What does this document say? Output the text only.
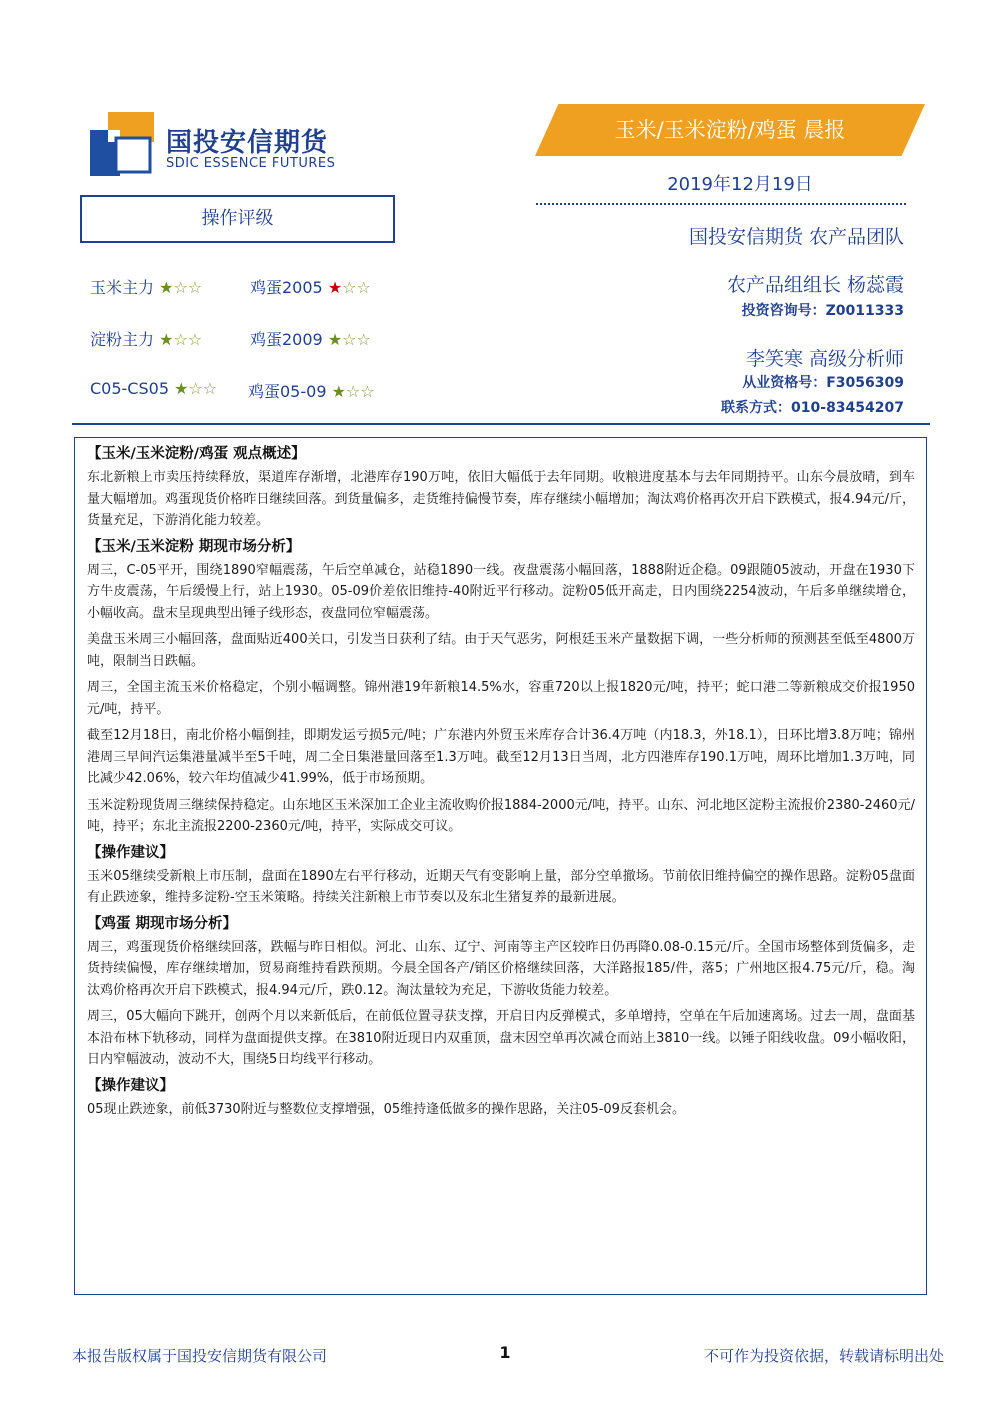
国投安信期货
SDIC ESSENCE FUTURES
玉米/玉米淀粉/鸡蛋 晨报
2019年12月19日
国投安信期货 农产品团队
农产品组组长 杨蕊霞
投资咨询号：Z0011333
李笑寒 高级分析师
从业资格号：F3056309
联系方式：010-83454207
操作评级
玉米主力 ★☆☆	鸡蛋2005 ★☆☆
淀粉主力 ★☆☆	鸡蛋2009 ★☆☆
C05-CS05 ★☆☆ 鸡蛋05-09 ★☆☆
【玉米/玉米淀粉/鸡蛋 观点概述】

东北新粮上市卖压持续释放，渠道库存渐增，北港库存190万吨，依旧大幅低于去年同期。收粮进度基本与去年同期持平。山东今晨放晴，到车量大幅增加。鸡蛋现货价格昨日继续回落。到货量偏多，走货维持偏慢节奏，库存继续小幅增加；淘汰鸡价格再次开启下跌模式，报4.94元/斤，货量充足，下游消化能力较差。

【玉米/玉米淀粉 期现市场分析】

周三，C-05平开，围绕1890窄幅震荡，午后空单减仓，站稳1890一线。夜盘震荡小幅回落，1888附近企稳。09跟随05波动，开盘在1930下方牛皮震荡，午后缓慢上行，站上1930。05-09价差依旧维持-40附近平行移动。淀粉05低开高走，日内围绕2254波动，午后多单继续增仓，小幅收高。盘末呈现典型出锤子线形态，夜盘同位窄幅震荡。

美盘玉米周三小幅回落，盘面贴近400关口，引发当日获利了结。由于天气恶劣，阿根廷玉米产量数据下调，一些分析师的预测甚至低至4800万吨，限制当日跌幅。

周三，全国主流玉米价格稳定，个别小幅调整。锦州港19年新粮14.5%水，容重720以上报1820元/吨，持平；蛇口港二等新粮成交价报1950元/吨，持平。

截至12月18日，南北价格小幅倒挂，即期发运亏损5元/吨；广东港内外贸玉米库存合计36.4万吨（内18.3，外18.1），日环比增3.8万吨；锦州港周三早间汽运集港量减半至5千吨，周二全日集港量回落至1.3万吨。截至12月13日当周，北方四港库存190.1万吨，周环比增加1.3万吨，同比减少42.06%，较六年均值减少41.99%，低于市场预期。

玉米淀粉现货周三继续保持稳定。山东地区玉米深加工企业主流收购价报1884-2000元/吨，持平。山东、河北地区淀粉主流报价2380-2460元/吨，持平；东北主流报2200-2360元/吨，持平，实际成交可议。

【操作建议】

玉米05继续受新粮上市压制，盘面在1890左右平行移动，近期天气有变影响上量，部分空单撤场。节前依旧维持偏空的操作思路。淀粉05盘面有止跌迹象，维持多淀粉-空玉米策略。持续关注新粮上市节奏以及东北生猪复养的最新进展。

【鸡蛋 期现市场分析】

周三，鸡蛋现货价格继续回落，跌幅与昨日相似。河北、山东、辽宁、河南等主产区较昨日仍再降0.08-0.15元/斤。全国市场整体到货偏多，走货持续偏慢，库存继续增加，贸易商维持看跌预期。今晨全国各产/销区价格继续回落，大洋路报185/件，落5；广州地区报4.75元/斤，稳。淘汰鸡价格再次开启下跌模式，报4.94元/斤，跌0.12。淘汰量较为充足，下游收货能力较差。

周三，05大幅向下跳开，创两个月以来新低后，在前低位置寻获支撑，开启日内反弹模式，多单增持，空单在午后加速离场。过去一周，盘面基本沿布林下轨移动，同样为盘面提供支撑。在3810附近现日内双重顶，盘末因空单再次减仓而站上3810一线。以锤子阳线收盘。09小幅收阳，日内窄幅波动，波动不大，围绕5日均线平行移动。

【操作建议】

05现止跌迹象，前低3730附近与整数位支撑增强，05维持逢低做多的操作思路，关注05-09反套机会。

本报告版权属于国投安信期货有限公司	1	不可作为投资依据，转载请标明出处
